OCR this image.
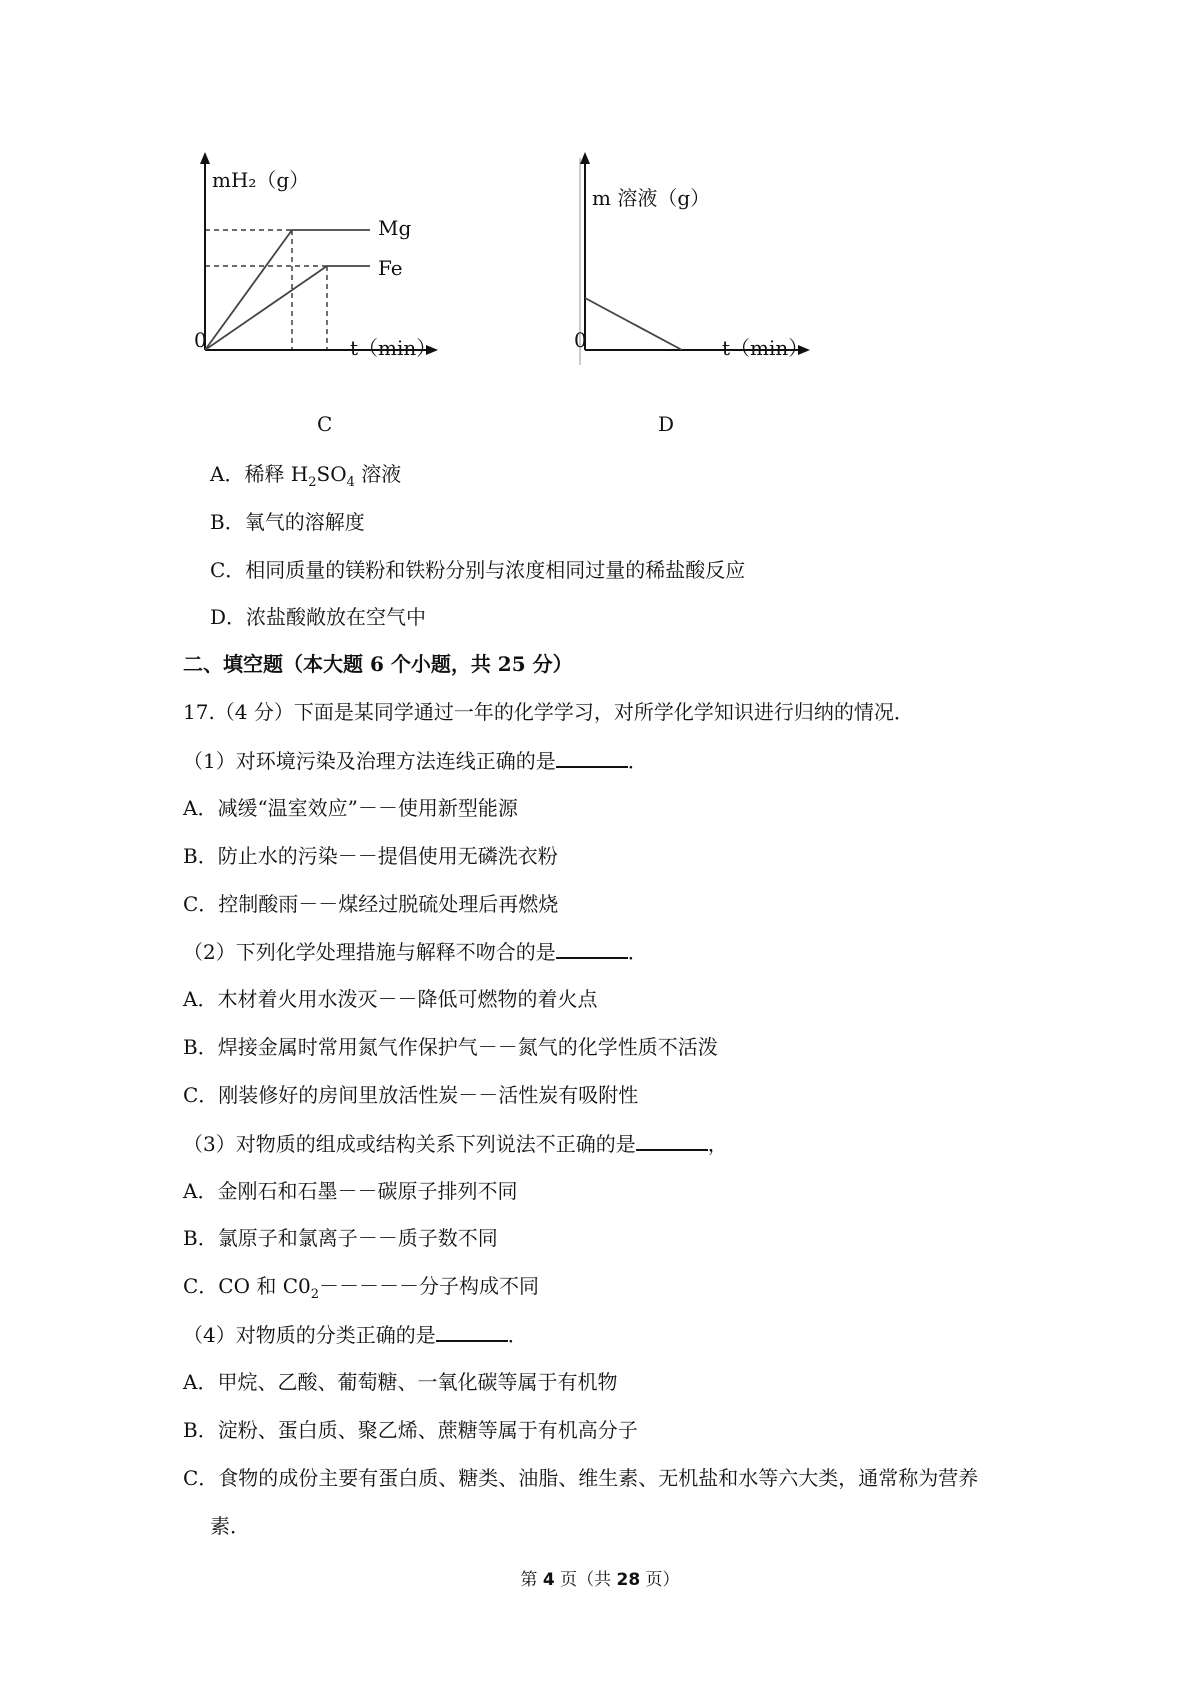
mH₂（g）
Mg
Fe
0	t（min）
C
m 溶液（g）
0	t（min）
D
A．稀释 $H_2SO_4$ 溶液
B．氧气的溶解度
C．相同质量的镁粉和铁粉分别与浓度相同过量的稀盐酸反应
D．浓盐酸敞放在空气中
二、填空题（本大题 6 个小题，共 25 分）
17.（4 分）下面是某同学通过一年的化学学习，对所学化学知识进行归纳的情况．
（1）对环境污染及治理方法连线正确的是	．
A．减缓“温室效应”－－使用新型能源
B．防止水的污染－－提倡使用无磷洗衣粉
C．控制酸雨－－煤经过脱硫处理后再燃烧
（2）下列化学处理措施与解释不吻合的是	．
A．木材着火用水泼灭－－降低可燃物的着火点
B．焊接金属时常用氮气作保护气－－氮气的化学性质不活泼
C．刚装修好的房间里放活性炭－－活性炭有吸附性
（3）对物质的组成或结构关系下列说法不正确的是	，
A．金刚石和石墨－－碳原子排列不同
B．氯原子和氯离子－－质子数不同
C．CO 和 $C0_2-----$分子构成不同
（4）对物质的分类正确的是	．
A．甲烷、乙酸、葡萄糖、一氧化碳等属于有机物
B．淀粉、蛋白质、聚乙烯、蔗糖等属于有机高分子
C．食物的成份主要有蛋白质、糖类、油脂、维生素、无机盐和水等六大类，通常称为营养
素．
第 4 页（共 28 页）
